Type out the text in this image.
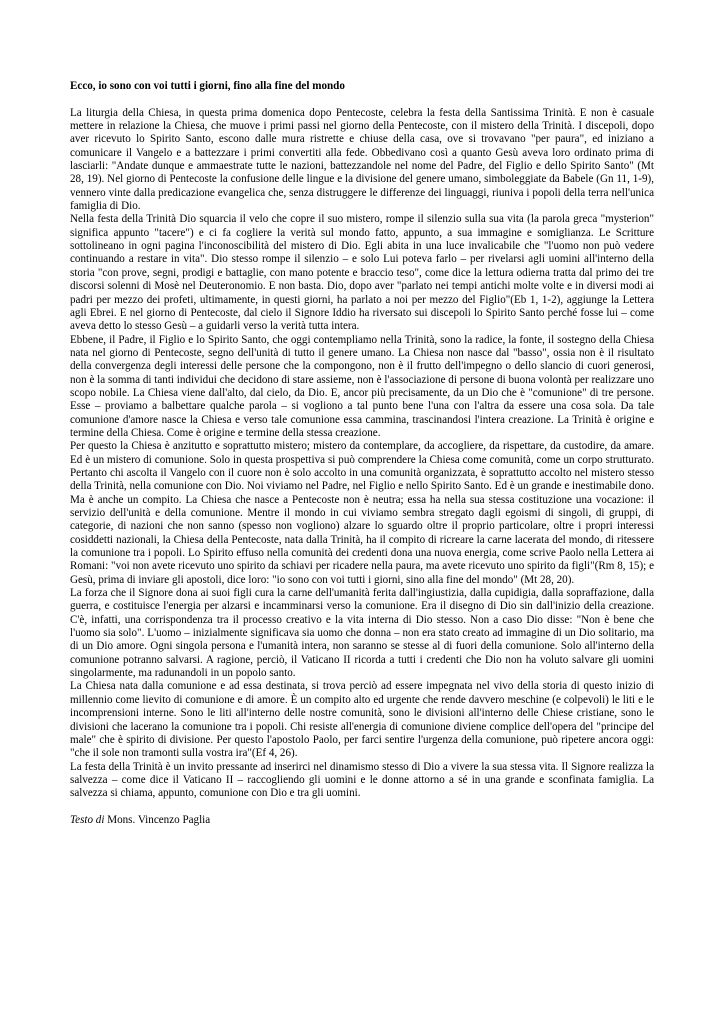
Ecco, io sono con voi tutti i giorni, fino alla fine del mondo

La liturgia della Chiesa, in questa prima domenica dopo Pentecoste, celebra la festa della Santissima Trinità. E non è casuale mettere in relazione la Chiesa, che muove i primi passi nel giorno della Pentecoste, con il mistero della Trinità. I discepoli, dopo aver ricevuto lo Spirito Santo, escono dalle mura ristrette e chiuse della casa, ove si trovavano "per paura", ed iniziano a comunicare il Vangelo e a battezzare i primi convertiti alla fede. Obbedivano così a quanto Gesù aveva loro ordinato prima di lasciarli: "Andate dunque e ammaestrate tutte le nazioni, battezzandole nel nome del Padre, del Figlio e dello Spirito Santo" (Mt 28, 19). Nel giorno di Pentecoste la confusione delle lingue e la divisione del genere umano, simboleggiate da Babele (Gn 11, 1-9), vennero vinte dalla predicazione evangelica che, senza distruggere le differenze dei linguaggi, riuniva i popoli della terra nell'unica famiglia di Dio.

Nella festa della Trinità Dio squarcia il velo che copre il suo mistero, rompe il silenzio sulla sua vita (la parola greca "mysterion" significa appunto "tacere") e ci fa cogliere la verità sul mondo fatto, appunto, a sua immagine e somiglianza. Le Scritture sottolineano in ogni pagina l'inconoscibilità del mistero di Dio. Egli abita in una luce invalicabile che "l'uomo non può vedere continuando a restare in vita". Dio stesso rompe il silenzio – e solo Lui poteva farlo – per rivelarsi agli uomini all'interno della storia "con prove, segni, prodigi e battaglie, con mano potente e braccio teso", come dice la lettura odierna tratta dal primo dei tre discorsi solenni di Mosè nel Deuteronomio. E non basta. Dio, dopo aver "parlato nei tempi antichi molte volte e in diversi modi ai padri per mezzo dei profeti, ultimamente, in questi giorni, ha parlato a noi per mezzo del Figlio"(Eb 1, 1-2), aggiunge la Lettera agli Ebrei. E nel giorno di Pentecoste, dal cielo il Signore Iddio ha riversato sui discepoli lo Spirito Santo perché fosse lui – come aveva detto lo stesso Gesù – a guidarli verso la verità tutta intera.

Ebbene, il Padre, il Figlio e lo Spirito Santo, che oggi contempliamo nella Trinità, sono la radice, la fonte, il sostegno della Chiesa nata nel giorno di Pentecoste, segno dell'unità di tutto il genere umano. La Chiesa non nasce dal "basso", ossia non è il risultato della convergenza degli interessi delle persone che la compongono, non è il frutto dell'impegno o dello slancio di cuori generosi, non è la somma di tanti individui che decidono di stare assieme, non è l'associazione di persone di buona volontà per realizzare uno scopo nobile. La Chiesa viene dall'alto, dal cielo, da Dio. E, ancor più precisamente, da un Dio che è "comunione" di tre persone. Esse – proviamo a balbettare qualche parola – si vogliono a tal punto bene l'una con l'altra da essere una cosa sola. Da tale comunione d'amore nasce la Chiesa e verso tale comunione essa cammina, trascinandosi l'intera creazione. La Trinità è origine e termine della Chiesa. Come è origine e termine della stessa creazione.

Per questo la Chiesa è anzitutto e soprattutto mistero; mistero da contemplare, da accogliere, da rispettare, da custodire, da amare. Ed è un mistero di comunione. Solo in questa prospettiva si può comprendere la Chiesa come comunità, come un corpo strutturato. Pertanto chi ascolta il Vangelo con il cuore non è solo accolto in una comunità organizzata, è soprattutto accolto nel mistero stesso della Trinità, nella comunione con Dio. Noi viviamo nel Padre, nel Figlio e nello Spirito Santo. Ed è un grande e inestimabile dono. Ma è anche un compito. La Chiesa che nasce a Pentecoste non è neutra; essa ha nella sua stessa costituzione una vocazione: il servizio dell'unità e della comunione. Mentre il mondo in cui viviamo sembra stregato dagli egoismi di singoli, di gruppi, di categorie, di nazioni che non sanno (spesso non vogliono) alzare lo sguardo oltre il proprio particolare, oltre i propri interessi cosiddetti nazionali, la Chiesa della Pentecoste, nata dalla Trinità, ha il compito di ricreare la carne lacerata del mondo, di ritessere la comunione tra i popoli. Lo Spirito effuso nella comunità dei credenti dona una nuova energia, come scrive Paolo nella Lettera ai Romani: "voi non avete ricevuto uno spirito da schiavi per ricadere nella paura, ma avete ricevuto uno spirito da figli"(Rm 8, 15); e Gesù, prima di inviare gli apostoli, dice loro: "io sono con voi tutti i giorni, sino alla fine del mondo" (Mt 28, 20).

La forza che il Signore dona ai suoi figli cura la carne dell'umanità ferita dall'ingiustizia, dalla cupidigia, dalla sopraffazione, dalla guerra, e costituisce l'energia per alzarsi e incamminarsi verso la comunione. Era il disegno di Dio sin dall'inizio della creazione. C'è, infatti, una corrispondenza tra il processo creativo e la vita interna di Dio stesso. Non a caso Dio disse: "Non è bene che l'uomo sia solo". L'uomo – inizialmente significava sia uomo che donna – non era stato creato ad immagine di un Dio solitario, ma di un Dio amore. Ogni singola persona e l'umanità intera, non saranno se stesse al di fuori della comunione. Solo all'interno della comunione potranno salvarsi. A ragione, perciò, il Vaticano II ricorda a tutti i credenti che Dio non ha voluto salvare gli uomini singolarmente, ma radunandoli in un popolo santo.

La Chiesa nata dalla comunione e ad essa destinata, si trova perciò ad essere impegnata nel vivo della storia di questo inizio di millennio come lievito di comunione e di amore. È un compito alto ed urgente che rende davvero meschine (e colpevoli) le liti e le incomprensioni interne. Sono le liti all'interno delle nostre comunità, sono le divisioni all'interno delle Chiese cristiane, sono le divisioni che lacerano la comunione tra i popoli. Chi resiste all'energia di comunione diviene complice dell'opera del "principe del male" che è spirito di divisione. Per questo l'apostolo Paolo, per farci sentire l'urgenza della comunione, può ripetere ancora oggi: "che il sole non tramonti sulla vostra ira"(Ef 4, 26).

La festa della Trinità è un invito pressante ad inserirci nel dinamismo stesso di Dio a vivere la sua stessa vita. Il Signore realizza la salvezza – come dice il Vaticano II – raccogliendo gli uomini e le donne attorno a sé in una grande e sconfinata famiglia. La salvezza si chiama, appunto, comunione con Dio e tra gli uomini.

Testo di Mons. Vincenzo Paglia
